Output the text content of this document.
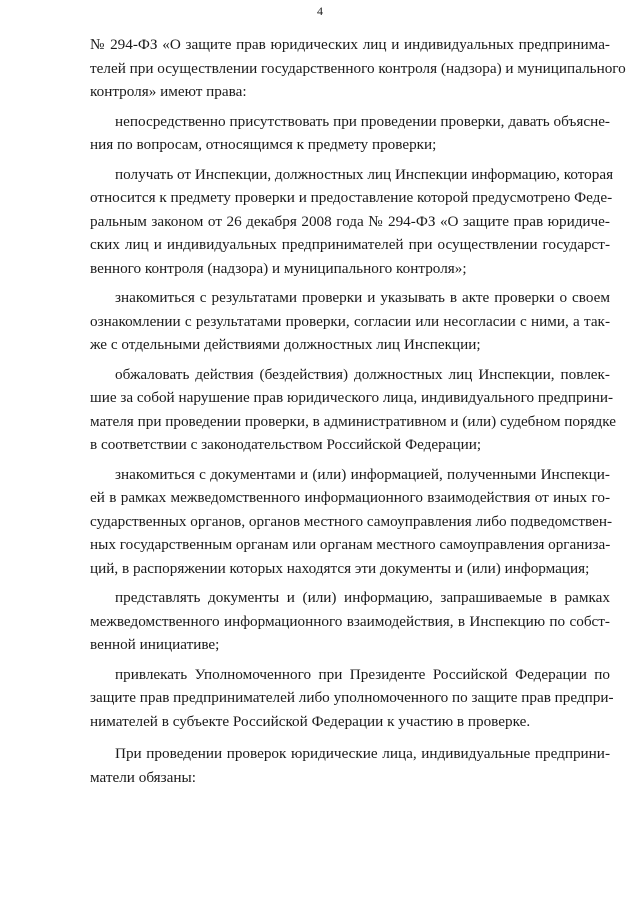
4

№ 294-ФЗ «О защите прав юридических лиц и индивидуальных предпринима-
телей при осуществлении государственного контроля (надзора) и муниципального
контроля» имеют права:

непосредственно присутствовать при проведении проверки, давать объясне-
ния по вопросам, относящимся к предмету проверки;

получать от Инспекции, должностных лиц Инспекции информацию, которая
относится к предмету проверки и предоставление которой предусмотрено Феде-
ральным законом от 26 декабря 2008 года № 294-ФЗ «О защите прав юридиче-
ских лиц и индивидуальных предпринимателей при осуществлении государст-
венного контроля (надзора) и муниципального контроля»;

знакомиться с результатами проверки и указывать в акте проверки о своем
ознакомлении с результатами проверки, согласии или несогласии с ними, а так-
же с отдельными действиями должностных лиц Инспекции;

обжаловать действия (бездействия) должностных лиц Инспекции, повлек-
шие за собой нарушение прав юридического лица, индивидуального предприни-
мателя при проведении проверки, в административном и (или) судебном порядке
в соответствии с законодательством Российской Федерации;

знакомиться с документами и (или) информацией, полученными Инспекци-
ей в рамках межведомственного информационного взаимодействия от иных го-
сударственных органов, органов местного самоуправления либо подведомствен-
ных государственным органам или органам местного самоуправления организа-
ций, в распоряжении которых находятся эти документы и (или) информация;

представлять документы и (или) информацию, запрашиваемые в рамках
межведомственного информационного взаимодействия, в Инспекцию по собст-
венной инициативе;

привлекать Уполномоченного при Президенте Российской Федерации по
защите прав предпринимателей либо уполномоченного по защите прав предпри-
нимателей в субъекте Российской Федерации к участию в проверке.

При проведении проверок юридические лица, индивидуальные предприни-
матели обязаны:
